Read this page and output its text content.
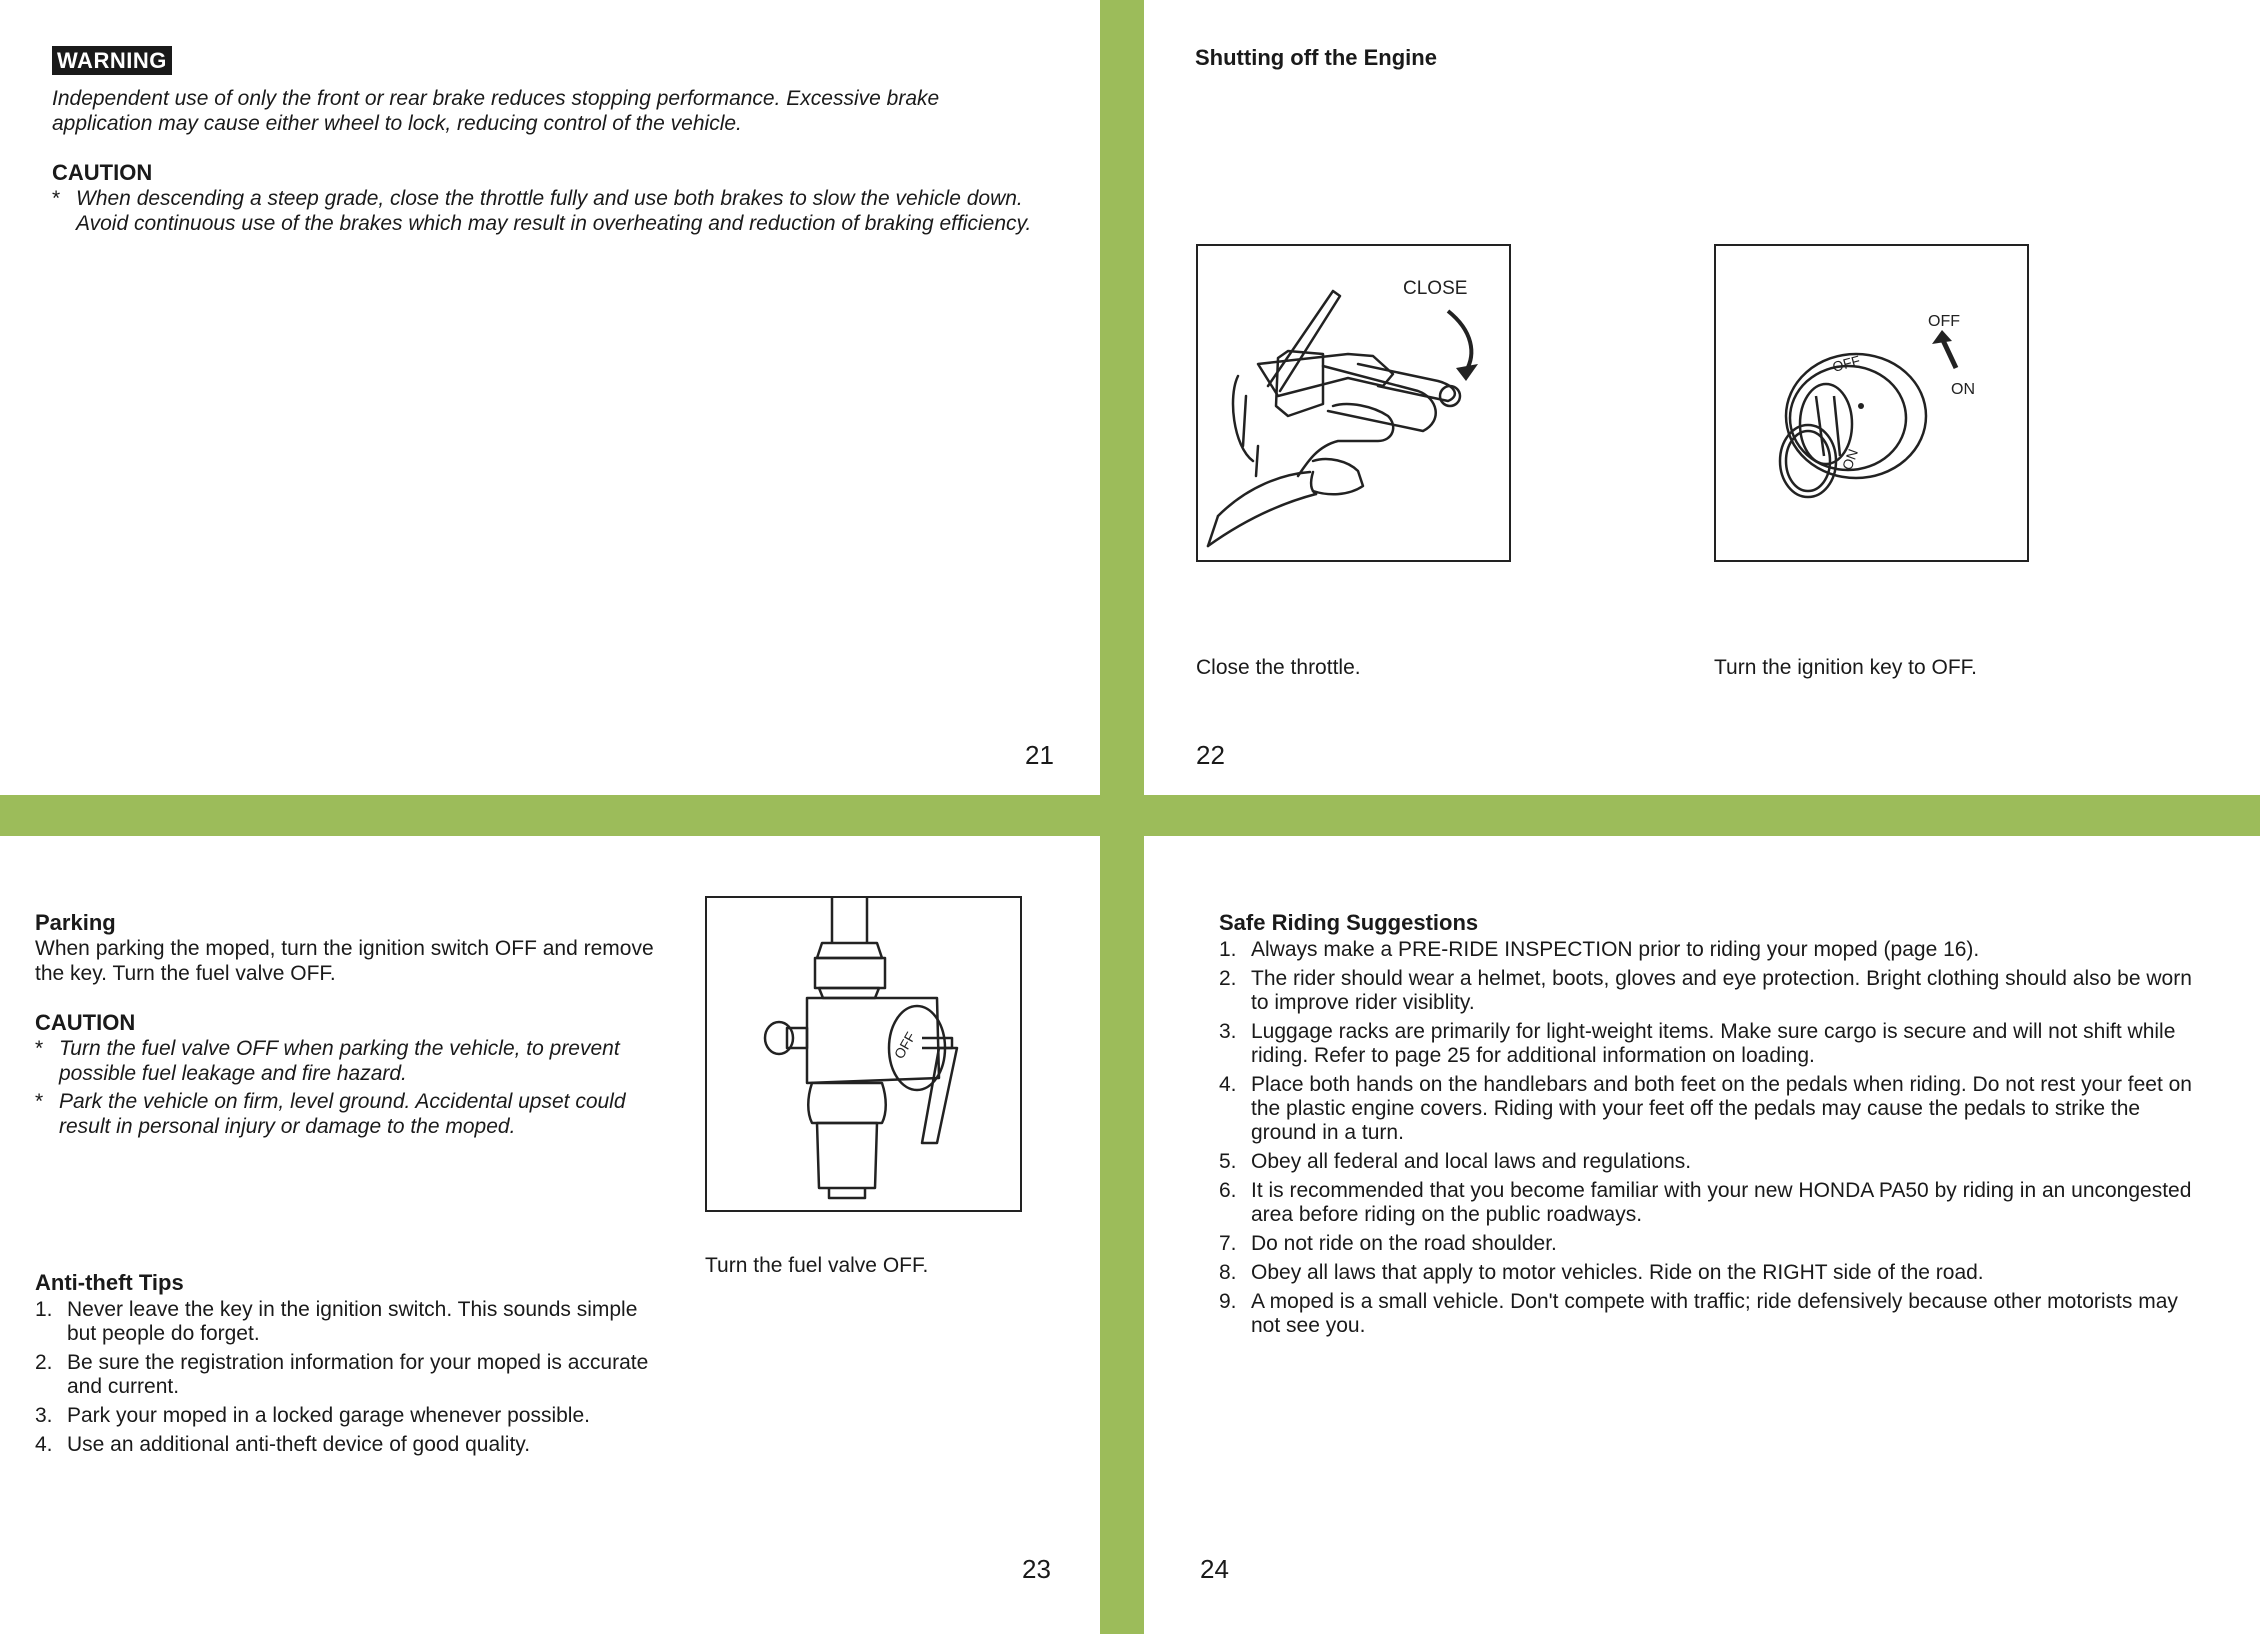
WARNING
Independent use of only the front or rear brake reduces stopping performance. Excessive brake application may cause either wheel to lock, reducing control of the vehicle.
CAUTION
* When descending a steep grade, close the throttle fully and use both brakes to slow the vehicle down. Avoid continuous use of the brakes which may result in overheating and reduction of braking efficiency.
21
Shutting off the Engine
CLOSE
Close the throttle.
OFF
ON
OFF
ON
Turn the ignition key to OFF.
22
Parking
When parking the moped, turn the ignition switch OFF and remove the key. Turn the fuel valve OFF.
CAUTION
* Turn the fuel valve OFF when parking the vehicle, to prevent possible fuel leakage and fire hazard.
* Park the vehicle on firm, level ground. Accidental upset could result in personal injury or damage to the moped.
OFF
Turn the fuel valve OFF.
Anti-theft Tips
1. Never leave the key in the ignition switch. This sounds simple but people do forget.
2. Be sure the registration information for your moped is accurate and current.
3. Park your moped in a locked garage whenever possible.
4. Use an additional anti-theft device of good quality.
23
Safe Riding Suggestions
1. Always make a PRE-RIDE INSPECTION prior to riding your moped (page 16).
2. The rider should wear a helmet, boots, gloves and eye protection. Bright clothing should also be worn to improve rider visiblity.
3. Luggage racks are primarily for light-weight items. Make sure cargo is secure and will not shift while riding. Refer to page 25 for additional information on loading.
4. Place both hands on the handlebars and both feet on the pedals when riding. Do not rest your feet on the plastic engine covers. Riding with your feet off the pedals may cause the pedals to strike the ground in a turn.
5. Obey all federal and local laws and regulations.
6. It is recommended that you become familiar with your new HONDA PA50 by riding in an uncongested area before riding on the public roadways.
7. Do not ride on the road shoulder.
8. Obey all laws that apply to motor vehicles. Ride on the RIGHT side of the road.
9. A moped is a small vehicle. Don't compete with traffic; ride defensively because other motorists may not see you.
24
